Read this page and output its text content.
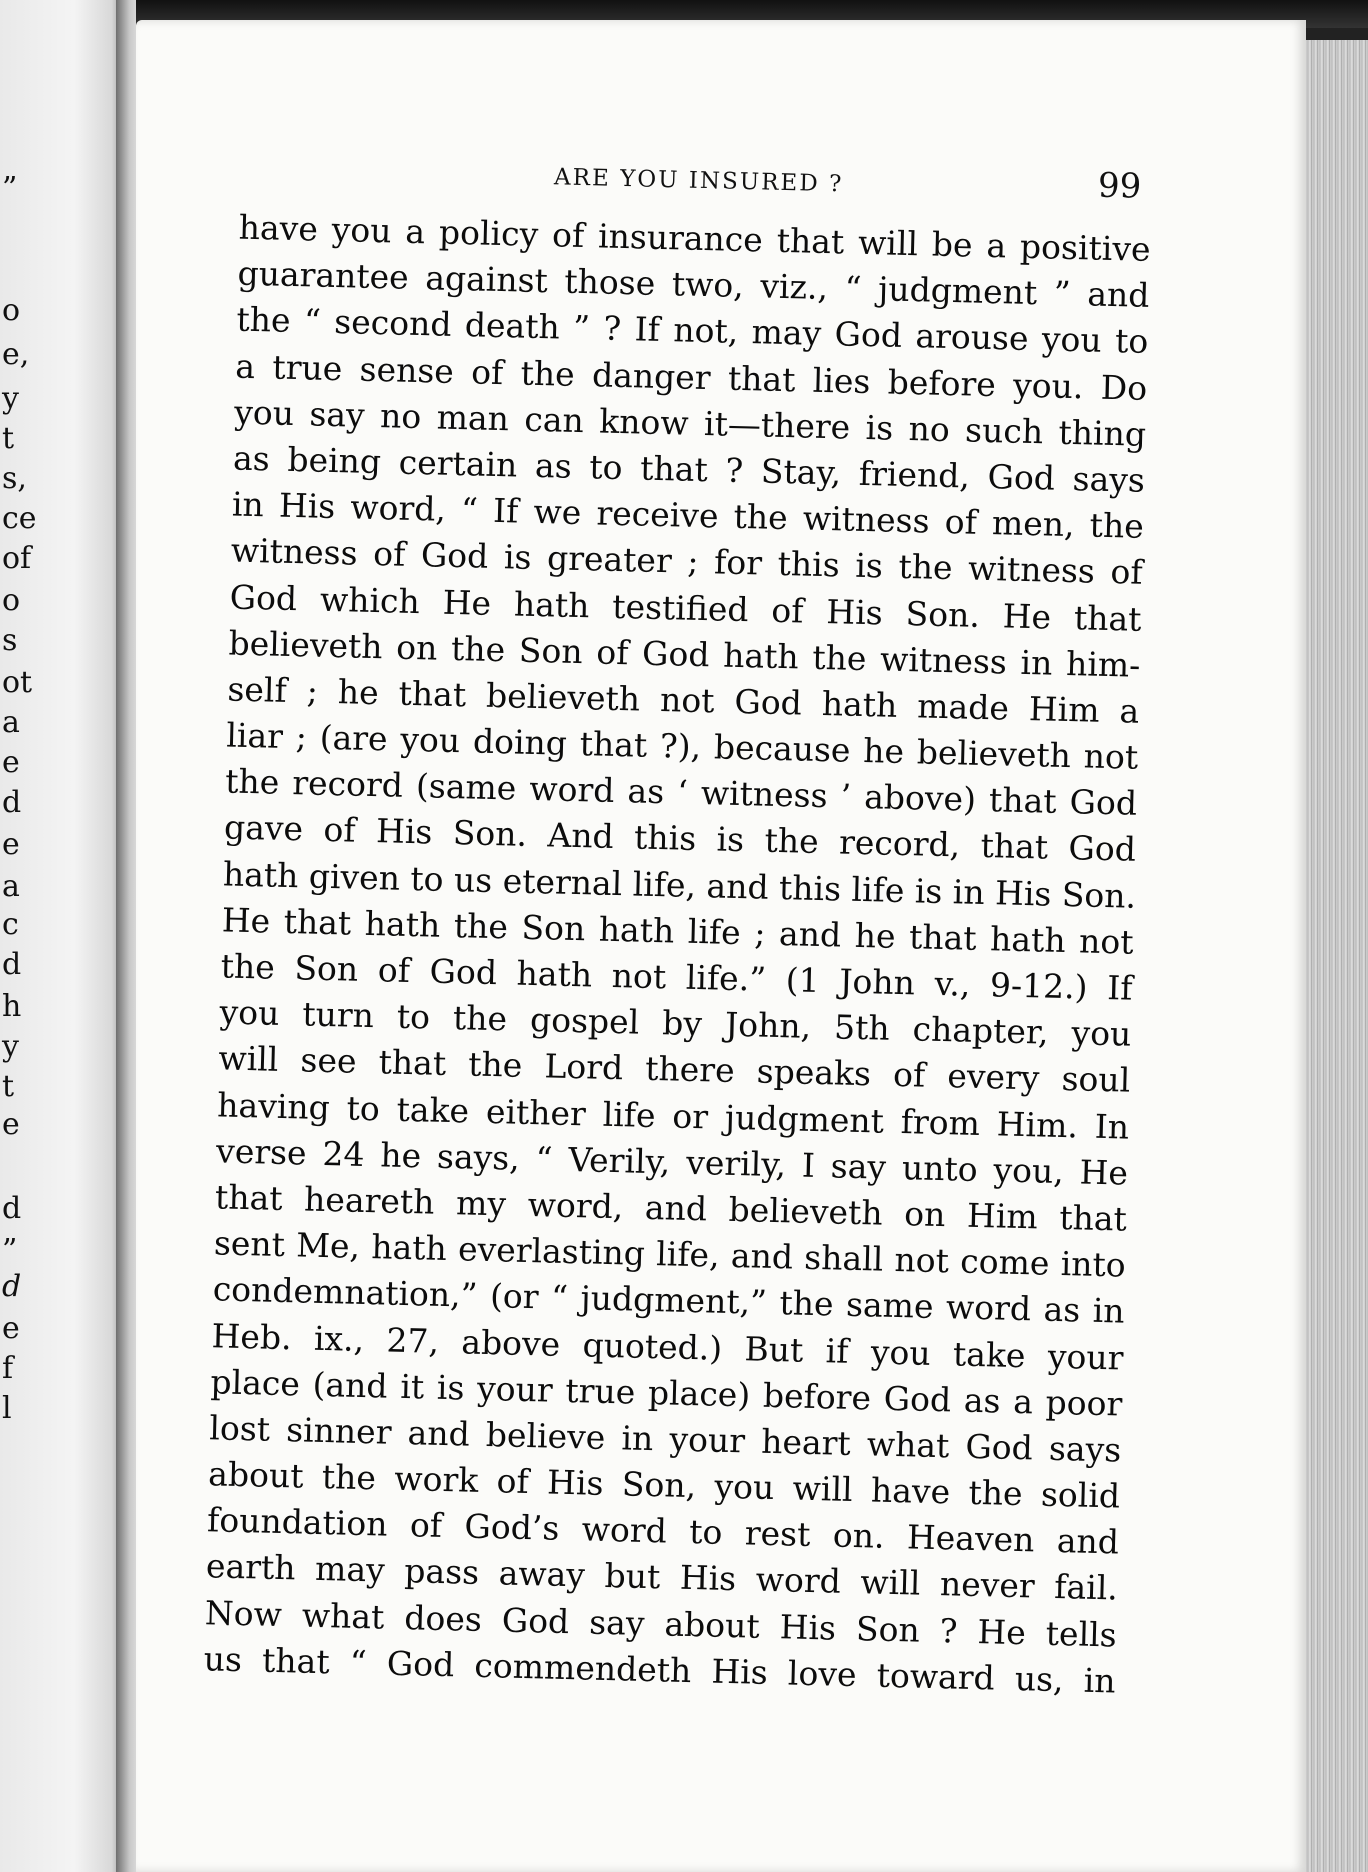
”
o
e,
y
t
s,
ce
of
o
s
ot
a
e
d
e
a
c
d
h
y
t
e
d
”
d
e
f
l
ARE YOU INSURED ?	99
have you a policy of insurance that will be a positive
guarantee against those two, viz., “ judgment ” and
the “ second death ” ? If not, may God arouse you to
a true sense of the danger that lies before you. Do
you say no man can know it—there is no such thing
as being certain as to that ? Stay, friend, God says
in His word, “ If we receive the witness of men, the
witness of God is greater ; for this is the witness of
God which He hath testified of His Son. He that
believeth on the Son of God hath the witness in him-
self ; he that believeth not God hath made Him a
liar ; (are you doing that ?), because he believeth not
the record (same word as ‘ witness ’ above) that God
gave of His Son. And this is the record, that God
hath given to us eternal life, and this life is in His Son.
He that hath the Son hath life ; and he that hath not
the Son of God hath not life.” (1 John v., 9-12.) If
you turn to the gospel by John, 5th chapter, you
will see that the Lord there speaks of every soul
having to take either life or judgment from Him. In
verse 24 he says, “ Verily, verily, I say unto you, He
that heareth my word, and believeth on Him that
sent Me, hath everlasting life, and shall not come into
condemnation,” (or “ judgment,” the same word as in
Heb. ix., 27, above quoted.) But if you take your
place (and it is your true place) before God as a poor
lost sinner and believe in your heart what God says
about the work of His Son, you will have the solid
foundation of God’s word to rest on. Heaven and
earth may pass away but His word will never fail.
Now what does God say about His Son ? He tells
us that “ God commendeth His love toward us, in
